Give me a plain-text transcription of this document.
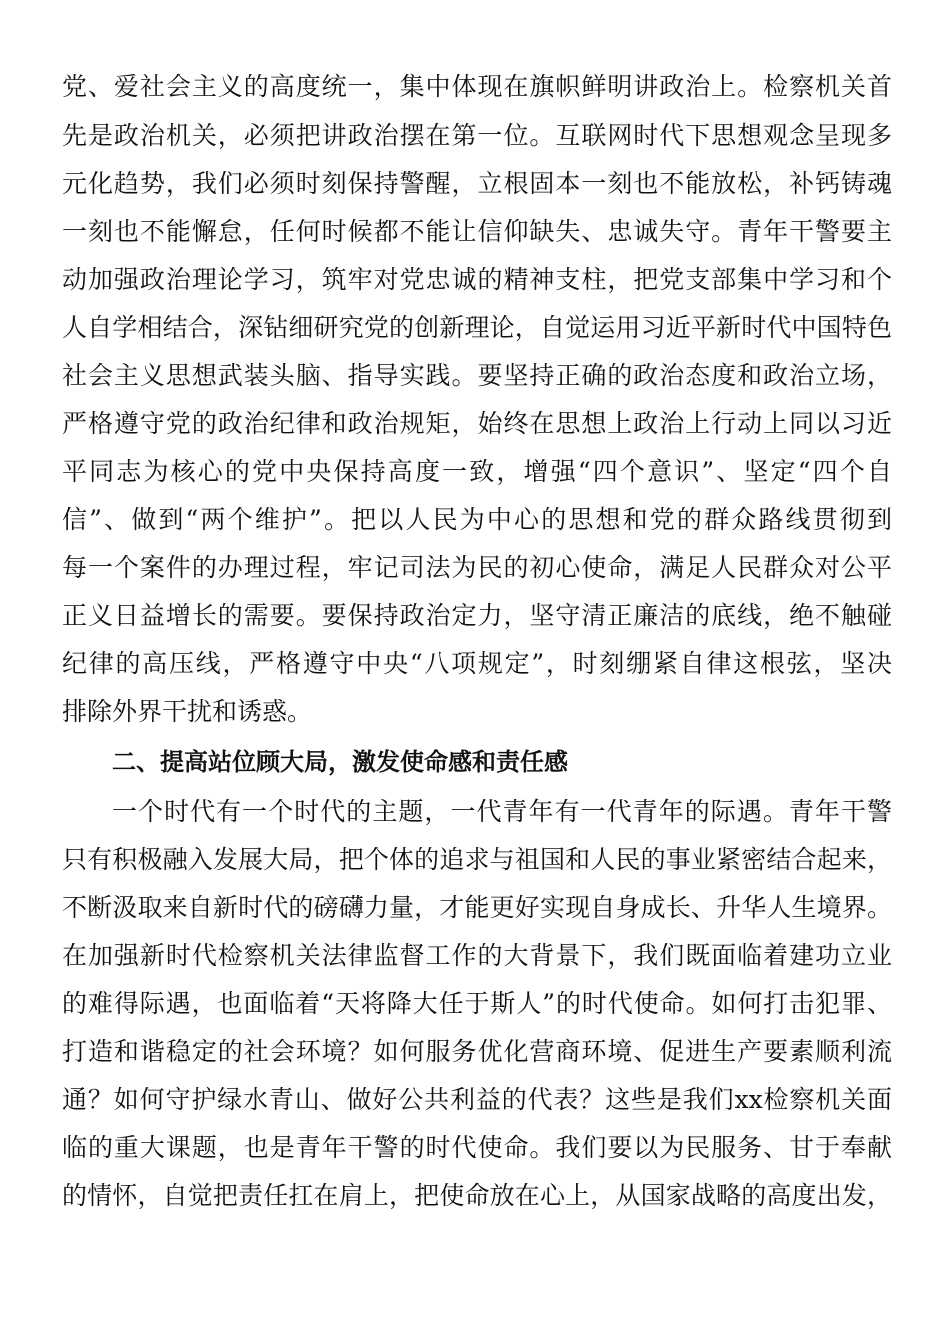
党、爱社会主义的高度统一，集中体现在旗帜鲜明讲政治上。检察机关首
先是政治机关，必须把讲政治摆在第一位。互联网时代下思想观念呈现多
元化趋势，我们必须时刻保持警醒，立根固本一刻也不能放松，补钙铸魂
一刻也不能懈怠，任何时候都不能让信仰缺失、忠诚失守。青年干警要主
动加强政治理论学习，筑牢对党忠诚的精神支柱，把党支部集中学习和个
人自学相结合，深钻细研究党的创新理论，自觉运用习近平新时代中国特色
社会主义思想武装头脑、指导实践。要坚持正确的政治态度和政治立场，
严格遵守党的政治纪律和政治规矩，始终在思想上政治上行动上同以习近
平同志为核心的党中央保持高度一致，增强“四个意识”、坚定“四个自
信”、做到“两个维护”。把以人民为中心的思想和党的群众路线贯彻到
每一个案件的办理过程，牢记司法为民的初心使命，满足人民群众对公平
正义日益增长的需要。要保持政治定力，坚守清正廉洁的底线，绝不触碰
纪律的高压线，严格遵守中央“八项规定”，时刻绷紧自律这根弦，坚决
排除外界干扰和诱惑。
二、提高站位顾大局，激发使命感和责任感
一个时代有一个时代的主题，一代青年有一代青年的际遇。青年干警
只有积极融入发展大局，把个体的追求与祖国和人民的事业紧密结合起来，
不断汲取来自新时代的磅礴力量，才能更好实现自身成长、升华人生境界。
在加强新时代检察机关法律监督工作的大背景下，我们既面临着建功立业
的难得际遇，也面临着“天将降大任于斯人”的时代使命。如何打击犯罪、
打造和谐稳定的社会环境？如何服务优化营商环境、促进生产要素顺利流
通？如何守护绿水青山、做好公共利益的代表？这些是我们xx检察机关面
临的重大课题，也是青年干警的时代使命。我们要以为民服务、甘于奉献
的情怀，自觉把责任扛在肩上，把使命放在心上，从国家战略的高度出发，
